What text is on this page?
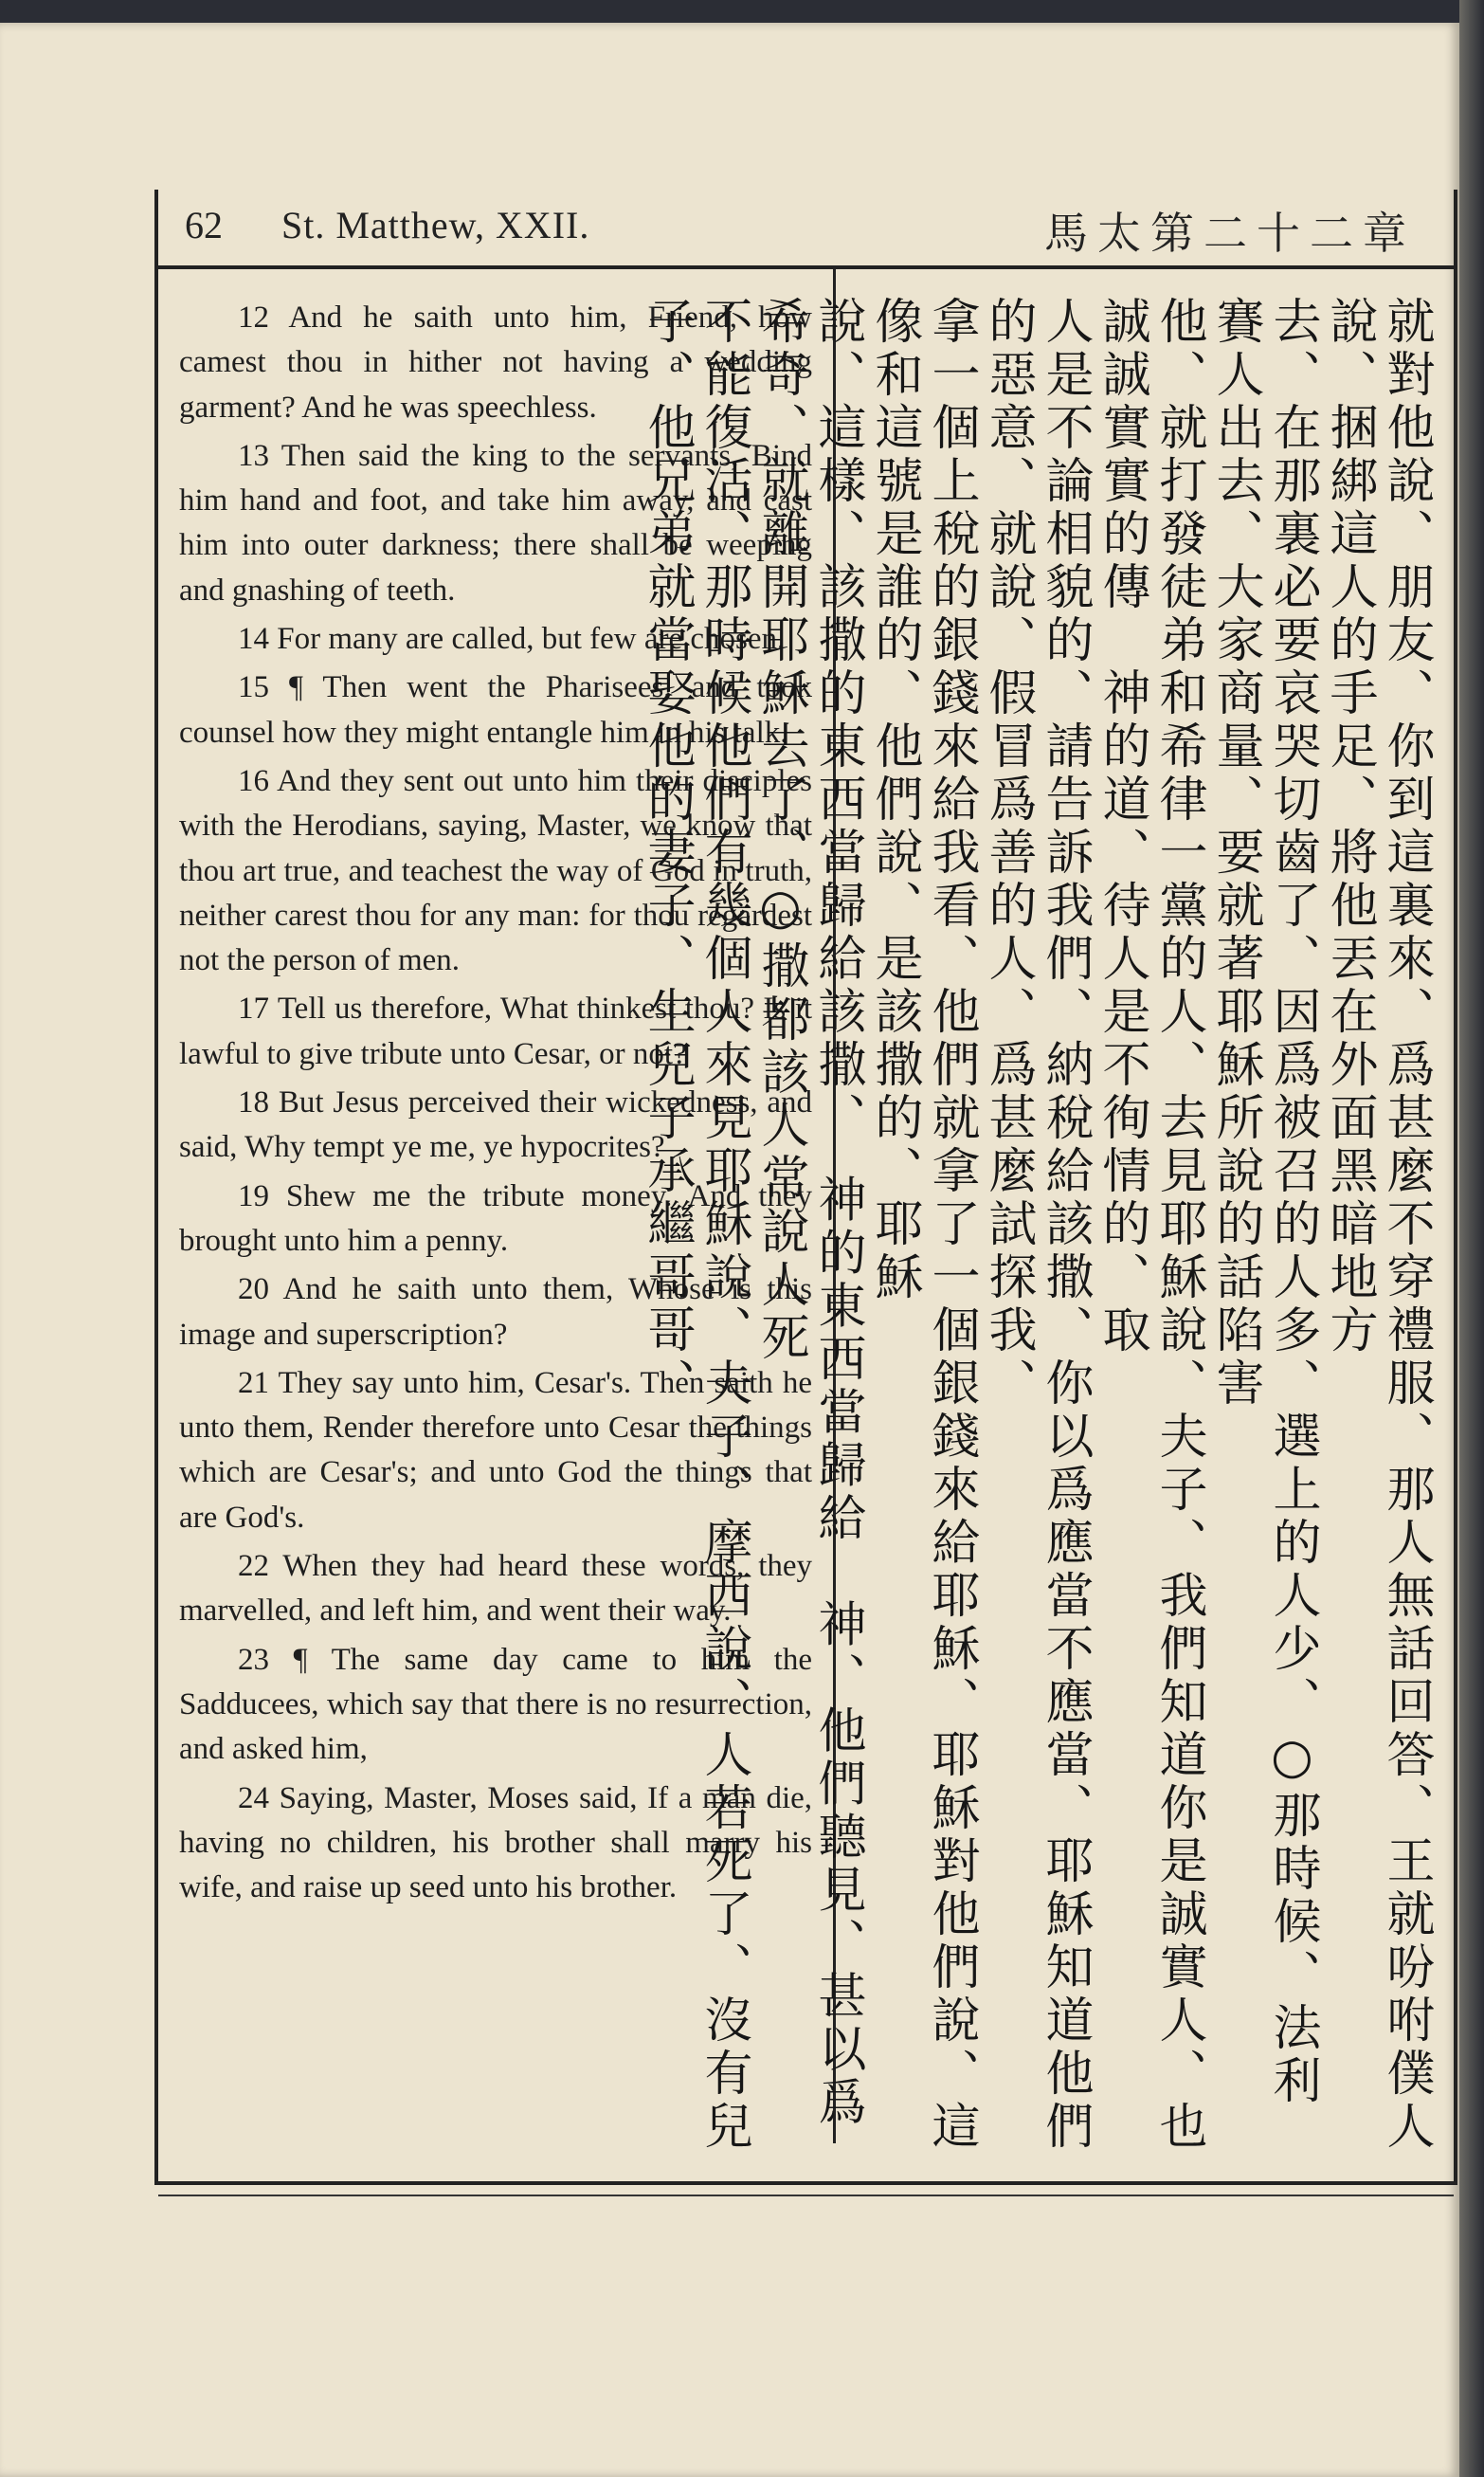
62 St. Matthew, XXII.	馬太第二十二章

12 And he saith unto him, Friend, how camest thou in hither not having a wedding garment? And he was speechless.

13 Then said the king to the servants, Bind him hand and foot, and take him away, and cast him into outer darkness; there shall be weeping and gnashing of teeth.

14 For many are called, but few are chosen.

15 ¶ Then went the Pharisees, and took counsel how they might entangle him in his talk.

16 And they sent out unto him their disciples with the Herodians, saying, Master, we know that thou art true, and teachest the way of God in truth, neither carest thou for any man: for thou regardest not the person of men.

17 Tell us therefore, What thinkest thou? Is it lawful to give tribute unto Cesar, or not?

18 But Jesus perceived their wickedness, and said, Why tempt ye me, ye hypocrites?

19 Shew me the tribute money. And they brought unto him a penny.

20 And he saith unto them, Whose is this image and superscription?

21 They say unto him, Cesar's. Then saith he unto them, Render therefore unto Cesar the things which are Cesar's; and unto God the things that are God's.

22 When they had heard these words, they marvelled, and left him, and went their way.

23 ¶ The same day came to him the Sadducees, which say that there is no resurrection, and asked him,

24 Saying, Master, Moses said, If a man die, having no children, his brother shall marry his wife, and raise up seed unto his brother.	就對他說、朋友、你到這裏來、爲甚麼不穿禮服、那人無話回答、王就吩咐僕人說、捆綁這人的手足、將他丟在外面黑暗地方
去、在那裏必要哀哭切齒了、因爲被召的人多、選上的人少、○那時候、法利賽人出去、大家商量、要就著耶穌所說的話陷害
他、就打發徒弟和希律一黨的人、去見耶穌說、夫子、我們知道你是誠實人、也誠誠實實的傳　神的道、待人是不徇情的、取
人是不論相貌的、請告訴我們、納稅給該撒、你以爲應當不應當、耶穌知道他們的惡意、就說、假冒爲善的人、爲甚麼試探我、
拿一個上稅的銀錢來給我看、他們就拿了一個銀錢來給耶穌、耶穌對他們說、這像和這號是誰的、他們說、是該撒的、耶穌
說、這樣、該撒的東西當歸給該撒、　神的東西當歸給　神、他們聽見、甚以爲希奇、就離開耶穌去了、○撒都該人常說人死
不能復活、那時候他們有幾個人來見耶穌說、夫子、摩西說、人若死了、沒有兒子、他兄弟就當娶他的妻子、生兒子承繼哥哥、
